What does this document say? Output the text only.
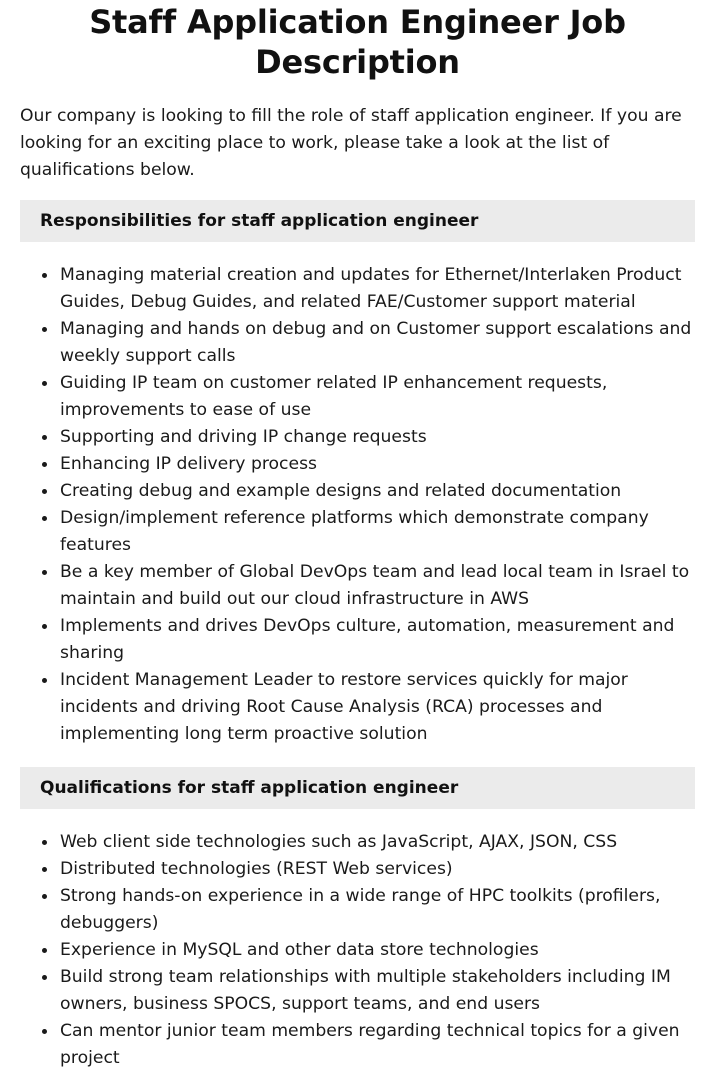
Staff Application Engineer Job Description

Our company is looking to fill the role of staff application engineer. If you are looking for an exciting place to work, please take a look at the list of qualifications below.

Responsibilities for staff application engineer
Managing material creation and updates for Ethernet/Interlaken Product Guides, Debug Guides, and related FAE/Customer support material
Managing and hands on debug and on Customer support escalations and weekly support calls
Guiding IP team on customer related IP enhancement requests, improvements to ease of use
Supporting and driving IP change requests
Enhancing IP delivery process
Creating debug and example designs and related documentation
Design/implement reference platforms which demonstrate company features
Be a key member of Global DevOps team and lead local team in Israel to maintain and build out our cloud infrastructure in AWS
Implements and drives DevOps culture, automation, measurement and sharing
Incident Management Leader to restore services quickly for major incidents and driving Root Cause Analysis (RCA) processes and implementing long term proactive solution
Qualifications for staff application engineer
Web client side technologies such as JavaScript, AJAX, JSON, CSS
Distributed technologies (REST Web services)
Strong hands-on experience in a wide range of HPC toolkits (profilers, debuggers)
Experience in MySQL and other data store technologies
Build strong team relationships with multiple stakeholders including IM owners, business SPOCS, support teams, and end users
Can mentor junior team members regarding technical topics for a given project
